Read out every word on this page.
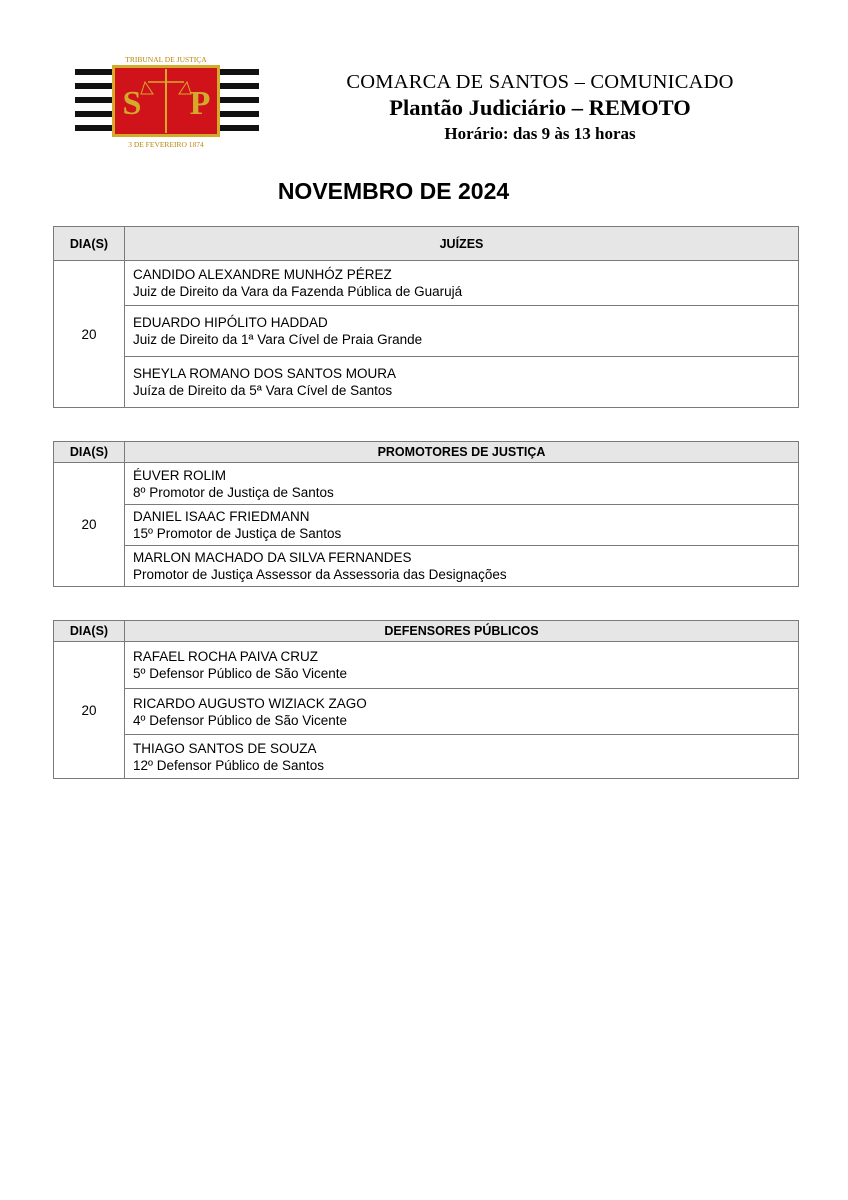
S P
TRIBUNAL DE JUSTIÇA
3 DE FEVEREIRO 1874
COMARCA DE SANTOS – COMUNICADO
Plantão Judiciário – REMOTO
Horário: das 9 às 13 horas
NOVEMBRO DE 2024
DIA(S)	JUÍZES
20	CANDIDO ALEXANDRE MUNHÓZ PÉREZ
Juiz de Direito da Vara da Fazenda Pública de Guarujá

	EDUARDO HIPÓLITO HADDAD
Juiz de Direito da 1ª Vara Cível de Praia Grande

	SHEYLA ROMANO DOS SANTOS MOURA
Juíza de Direito da 5ª Vara Cível de Santos
DIA(S)	PROMOTORES DE JUSTIÇA
20	ÉUVER ROLIM
8º Promotor de Justiça de Santos

	DANIEL ISAAC FRIEDMANN
15º Promotor de Justiça de Santos

	MARLON MACHADO DA SILVA FERNANDES
Promotor de Justiça Assessor da Assessoria das Designações
DIA(S)	DEFENSORES PÚBLICOS
20	RAFAEL ROCHA PAIVA CRUZ
5º Defensor Público de São Vicente

	RICARDO AUGUSTO WIZIACK ZAGO
4º Defensor Público de São Vicente

	THIAGO SANTOS DE SOUZA
12º Defensor Público de Santos
